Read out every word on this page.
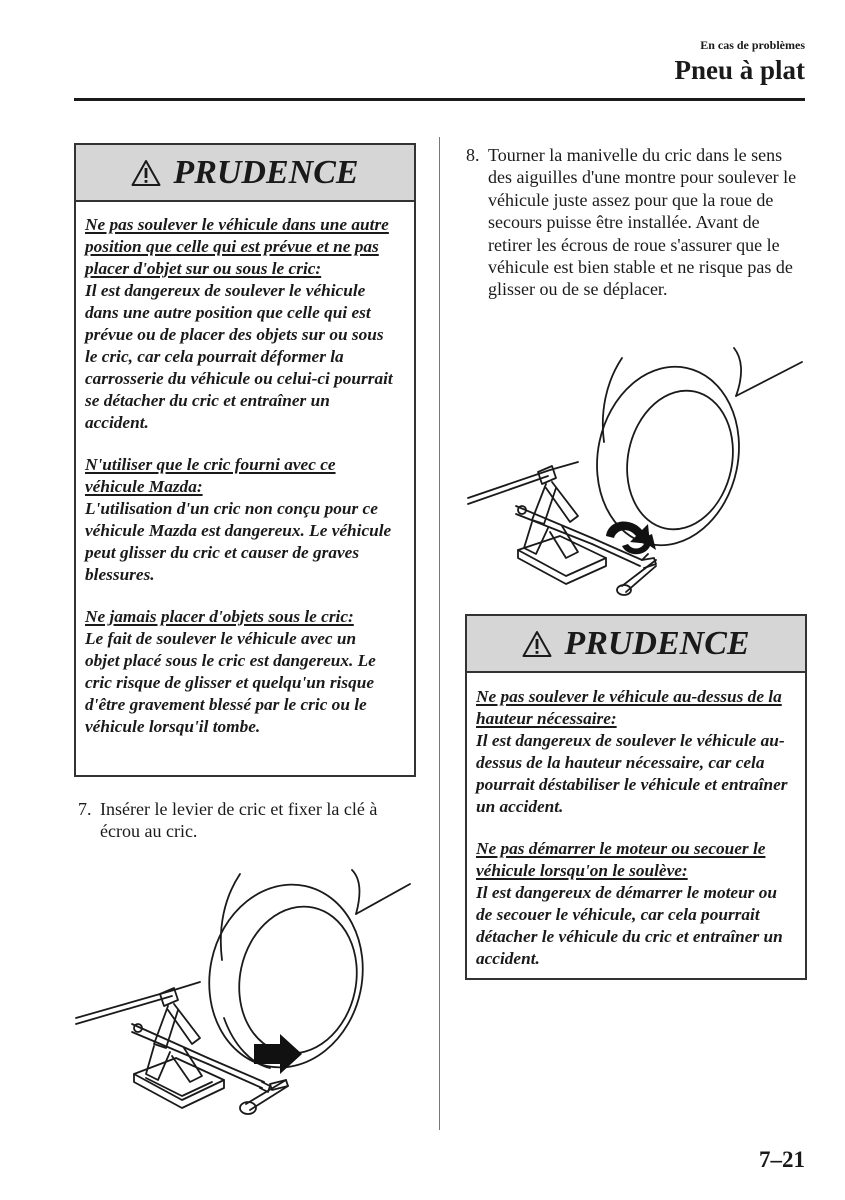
En cas de problèmes
Pneu à plat
PRUDENCE
Ne pas soulever le véhicule dans une autre position que celle qui est prévue et ne pas placer d'objet sur ou sous le cric:
Il est dangereux de soulever le véhicule dans une autre position que celle qui est prévue ou de placer des objets sur ou sous le cric, car cela pourrait déformer la carrosserie du véhicule ou celui-ci pourrait se détacher du cric et entraîner un accident.
N'utiliser que le cric fourni avec ce véhicule Mazda:
L'utilisation d'un cric non conçu pour ce véhicule Mazda est dangereux. Le véhicule peut glisser du cric et causer de graves blessures.
Ne jamais placer d'objets sous le cric:
Le fait de soulever le véhicule avec un objet placé sous le cric est dangereux. Le cric risque de glisser et quelqu'un risque d'être gravement blessé par le cric ou le véhicule lorsqu'il tombe.
7. Insérer le levier de cric et fixer la clé à écrou au cric.
8. Tourner la manivelle du cric dans le sens des aiguilles d'une montre pour soulever le véhicule juste assez pour que la roue de secours puisse être installée. Avant de retirer les écrous de roue s'assurer que le véhicule est bien stable et ne risque pas de glisser ou de se déplacer.
PRUDENCE
Ne pas soulever le véhicule au-dessus de la hauteur nécessaire:
Il est dangereux de soulever le véhicule au-dessus de la hauteur nécessaire, car cela pourrait déstabiliser le véhicule et entraîner un accident.
Ne pas démarrer le moteur ou secouer le véhicule lorsqu'on le soulève:
Il est dangereux de démarrer le moteur ou de secouer le véhicule, car cela pourrait détacher le véhicule du cric et entraîner un accident.
7–21
